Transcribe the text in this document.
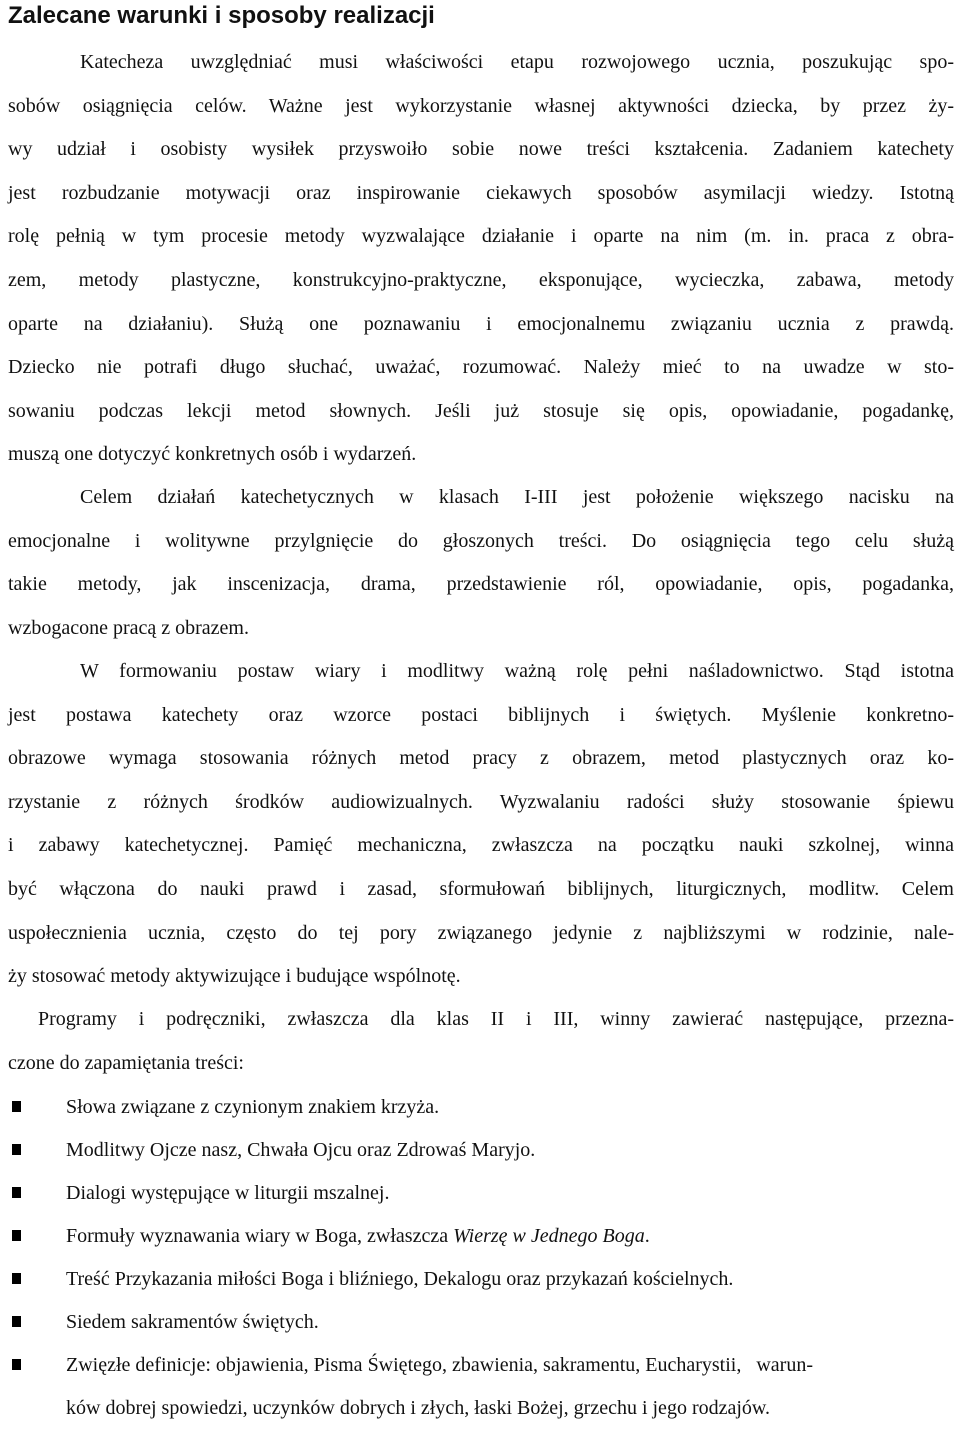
Zalecane warunki i sposoby realizacji

Katecheza uwzględniać musi właściwości etapu rozwojowego ucznia, poszukując spo-
sobów osiągnięcia celów. Ważne jest wykorzystanie własnej aktywności dziecka, by przez ży-
wy udział i osobisty wysiłek przyswoiło sobie nowe treści kształcenia. Zadaniem katechety
jest rozbudzanie motywacji oraz inspirowanie ciekawych sposobów asymilacji wiedzy. Istotną
rolę pełnią w tym procesie metody wyzwalające działanie i oparte na nim (m. in. praca z obra-
zem, metody plastyczne, konstrukcyjno-praktyczne, eksponujące, wycieczka, zabawa, metody
oparte na działaniu). Służą one poznawaniu i emocjonalnemu związaniu ucznia z prawdą.
Dziecko nie potrafi długo słuchać, uważać, rozumować. Należy mieć to na uwadze w sto-
sowaniu podczas lekcji metod słownych. Jeśli już stosuje się opis, opowiadanie, pogadankę,
muszą one dotyczyć konkretnych osób i wydarzeń.

Celem działań katechetycznych w klasach I-III jest położenie większego nacisku na
emocjonalne i wolitywne przylgnięcie do głoszonych treści. Do osiągnięcia tego celu służą
takie metody, jak inscenizacja, drama, przedstawienie ról, opowiadanie, opis, pogadanka,
wzbogacone pracą z obrazem.

W formowaniu postaw wiary i modlitwy ważną rolę pełni naśladownictwo. Stąd istotna
jest postawa katechety oraz wzorce postaci biblijnych i świętych. Myślenie konkretno-
obrazowe wymaga stosowania różnych metod pracy z obrazem, metod plastycznych oraz ko-
rzystanie z różnych środków audiowizualnych. Wyzwalaniu radości służy stosowanie śpiewu
i zabawy katechetycznej. Pamięć mechaniczna, zwłaszcza na początku nauki szkolnej, winna
być włączona do nauki prawd i zasad, sformułowań biblijnych, liturgicznych, modlitw. Celem
uspołecznienia ucznia, często do tej pory związanego jedynie z najbliższymi w rodzinie, nale-
ży stosować metody aktywizujące i budujące wspólnotę.

Programy i podręczniki, zwłaszcza dla klas II i III, winny zawierać następujące, przezna-
czone do zapamiętania treści:

Słowa związane z czynionym znakiem krzyża.
Modlitwy Ojcze nasz, Chwała Ojcu oraz Zdrowaś Maryjo.
Dialogi występujące w liturgii mszalnej.
Formuły wyznawania wiary w Boga, zwłaszcza Wierzę w Jednego Boga.
Treść Przykazania miłości Boga i bliźniego, Dekalogu oraz przykazań kościelnych.
Siedem sakramentów świętych.
Zwięzłe definicje: objawienia, Pisma Świętego, zbawienia, sakramentu, Eucharystii,   warun-
ków dobrej spowiedzi, uczynków dobrych i złych, łaski Bożej, grzechu i jego rodzajów.
